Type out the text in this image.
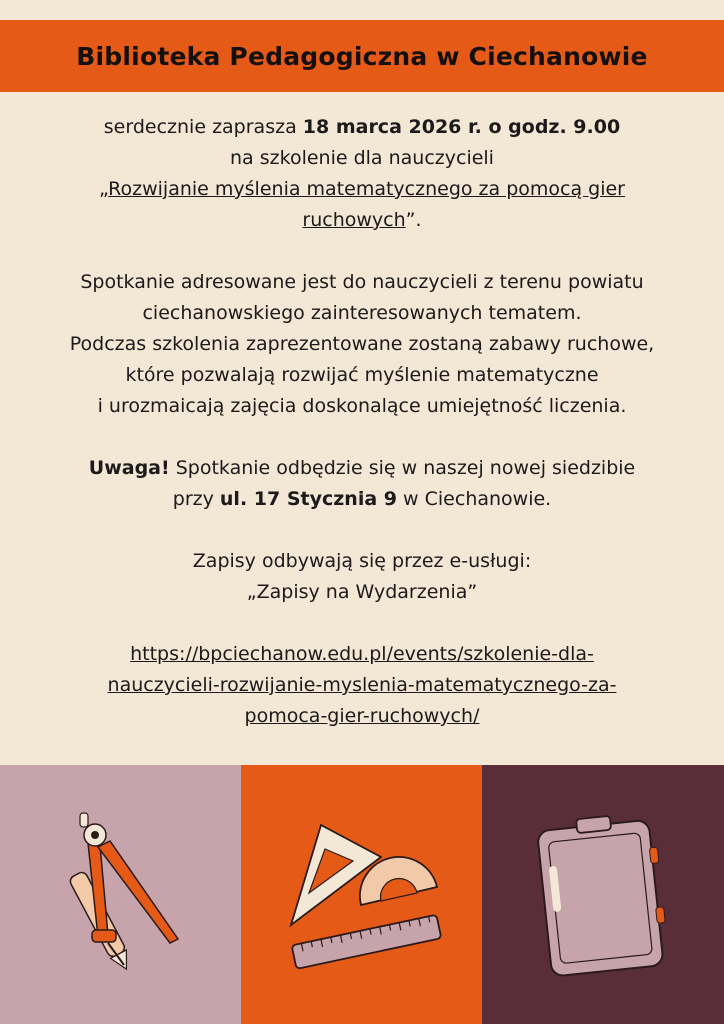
Biblioteka Pedagogiczna w Ciechanowie

serdecznie zaprasza 18 marca 2026 r. o godz. 9.00

na szkolenie dla nauczycieli

„Rozwijanie myślenia matematycznego za pomocą gier

ruchowych”.

Spotkanie adresowane jest do nauczycieli z terenu powiatu

ciechanowskiego zainteresowanych tematem.

Podczas szkolenia zaprezentowane zostaną zabawy ruchowe,

które pozwalają rozwijać myślenie matematyczne

i urozmaicają zajęcia doskonalące umiejętność liczenia.

Uwaga! Spotkanie odbędzie się w naszej nowej siedzibie

przy ul. 17 Stycznia 9 w Ciechanowie.

Zapisy odbywają się przez e-usługi:

„Zapisy na Wydarzenia”

https://bpciechanow.edu.pl/events/szkolenie-dla-

nauczycieli-rozwijanie-myslenia-matematycznego-za-

pomoca-gier-ruchowych/
